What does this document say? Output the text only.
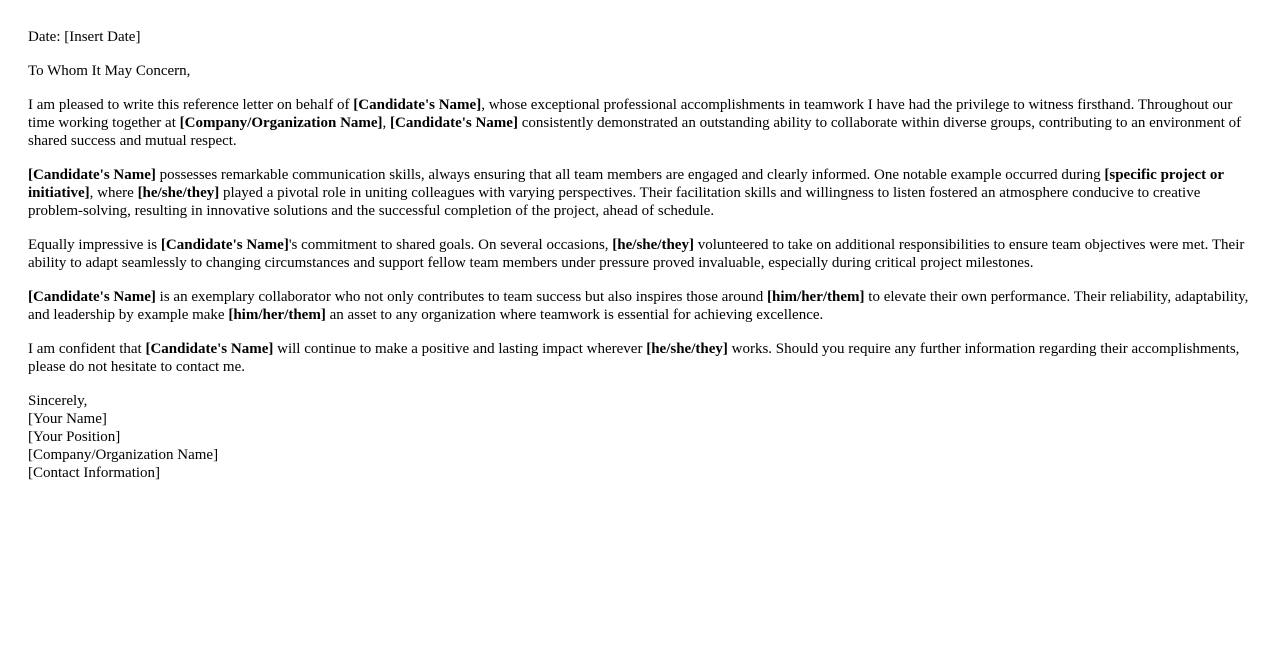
Date: [Insert Date]

To Whom It May Concern,

I am pleased to write this reference letter on behalf of [Candidate's Name], whose exceptional professional accomplishments in teamwork I have had the privilege to witness firsthand. Throughout our time working together at [Company/Organization Name], [Candidate's Name] consistently demonstrated an outstanding ability to collaborate within diverse groups, contributing to an environment of shared success and mutual respect.

[Candidate's Name] possesses remarkable communication skills, always ensuring that all team members are engaged and clearly informed. One notable example occurred during [specific project or initiative], where [he/she/they] played a pivotal role in uniting colleagues with varying perspectives. Their facilitation skills and willingness to listen fostered an atmosphere conducive to creative problem-solving, resulting in innovative solutions and the successful completion of the project, ahead of schedule.

Equally impressive is [Candidate's Name]'s commitment to shared goals. On several occasions, [he/she/they] volunteered to take on additional responsibilities to ensure team objectives were met. Their ability to adapt seamlessly to changing circumstances and support fellow team members under pressure proved invaluable, especially during critical project milestones.

[Candidate's Name] is an exemplary collaborator who not only contributes to team success but also inspires those around [him/her/them] to elevate their own performance. Their reliability, adaptability, and leadership by example make [him/her/them] an asset to any organization where teamwork is essential for achieving excellence.

I am confident that [Candidate's Name] will continue to make a positive and lasting impact wherever [he/she/they] works. Should you require any further information regarding their accomplishments, please do not hesitate to contact me.

Sincerely,
[Your Name]
[Your Position]
[Company/Organization Name]
[Contact Information]
